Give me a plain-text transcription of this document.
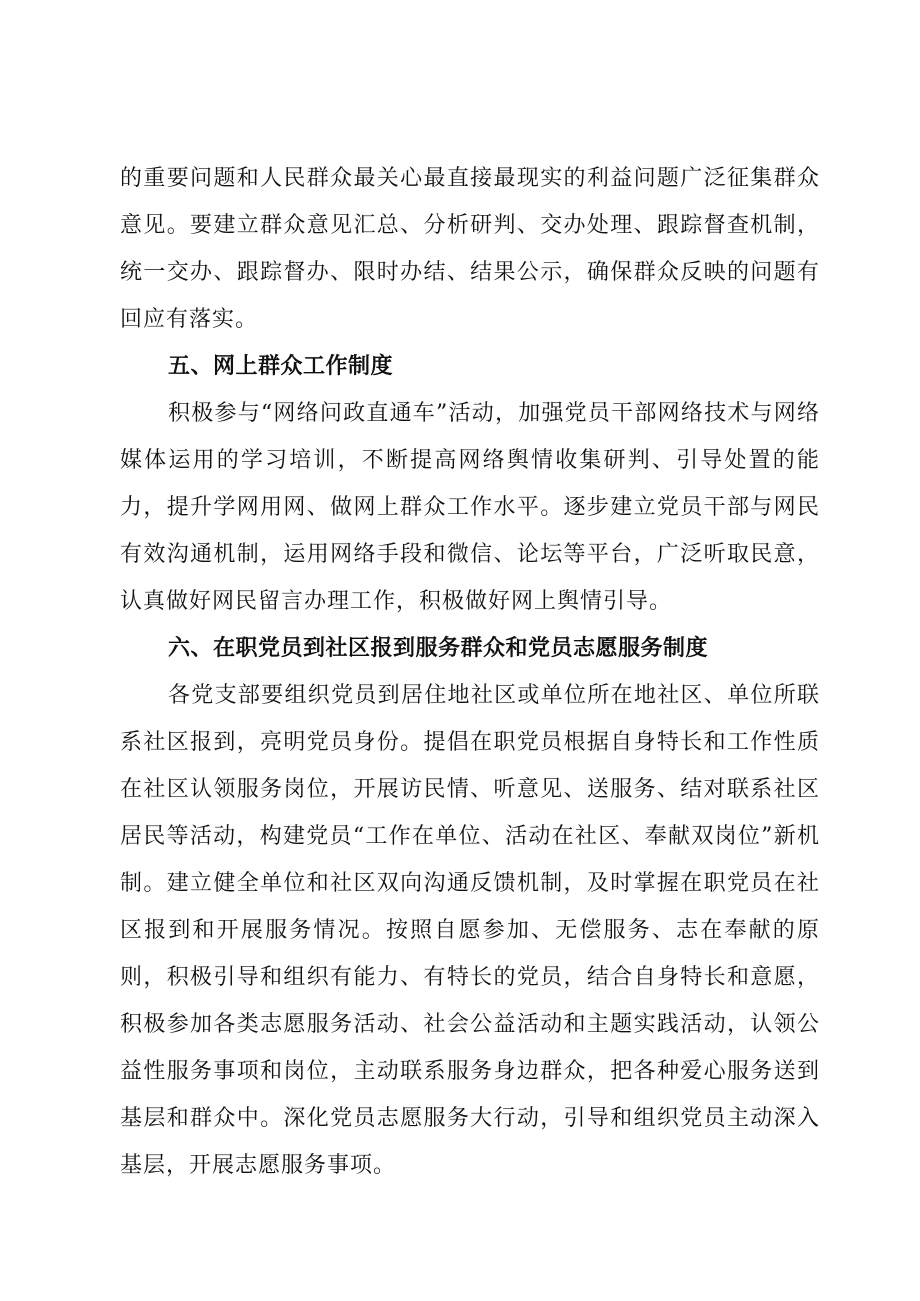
的重要问题和人民群众最关心最直接最现实的利益问题广泛征集群众意见。要建立群众意见汇总、分析研判、交办处理、跟踪督查机制，统一交办、跟踪督办、限时办结、结果公示，确保群众反映的问题有回应有落实。

五、网上群众工作制度

积极参与“网络问政直通车”活动，加强党员干部网络技术与网络媒体运用的学习培训，不断提高网络舆情收集研判、引导处置的能力，提升学网用网、做网上群众工作水平。逐步建立党员干部与网民有效沟通机制，运用网络手段和微信、论坛等平台，广泛听取民意，认真做好网民留言办理工作，积极做好网上舆情引导。

六、在职党员到社区报到服务群众和党员志愿服务制度

各党支部要组织党员到居住地社区或单位所在地社区、单位所联系社区报到，亮明党员身份。提倡在职党员根据自身特长和工作性质在社区认领服务岗位，开展访民情、听意见、送服务、结对联系社区居民等活动，构建党员“工作在单位、活动在社区、奉献双岗位”新机制。建立健全单位和社区双向沟通反馈机制，及时掌握在职党员在社区报到和开展服务情况。按照自愿参加、无偿服务、志在奉献的原则，积极引导和组织有能力、有特长的党员，结合自身特长和意愿，积极参加各类志愿服务活动、社会公益活动和主题实践活动，认领公益性服务事项和岗位，主动联系服务身边群众，把各种爱心服务送到基层和群众中。深化党员志愿服务大行动，引导和组织党员主动深入基层，开展志愿服务事项。
